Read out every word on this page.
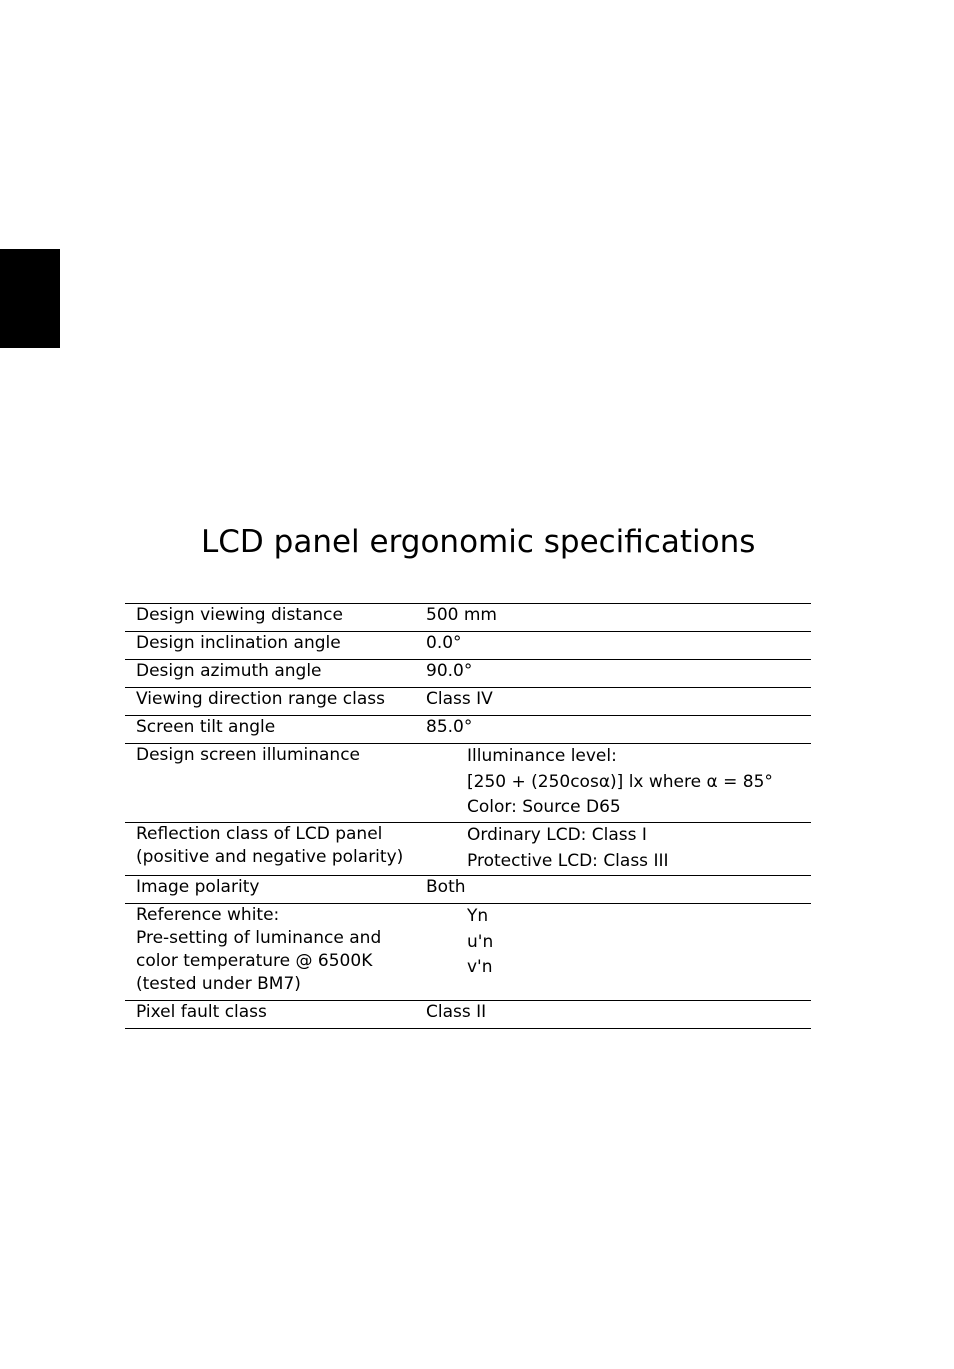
LCD panel ergonomic specifications
Design viewing distance	500 mm

Design inclination angle	0.0°

Design azimuth angle	90.0°

Viewing direction range class	Class IV

Screen tilt angle	85.0°

Design screen illuminance	Illuminance level:
[250 + (250cosα)] lx where α = 85°
Color: Source D65

Reflection class of LCD panel
(positive and negative polarity)	Ordinary LCD: Class I
Protective LCD: Class III

Image polarity	Both

Reference white:
Pre-setting of luminance and
color temperature @ 6500K
(tested under BM7)	Yn
u'n
v'n

Pixel fault class	Class II
